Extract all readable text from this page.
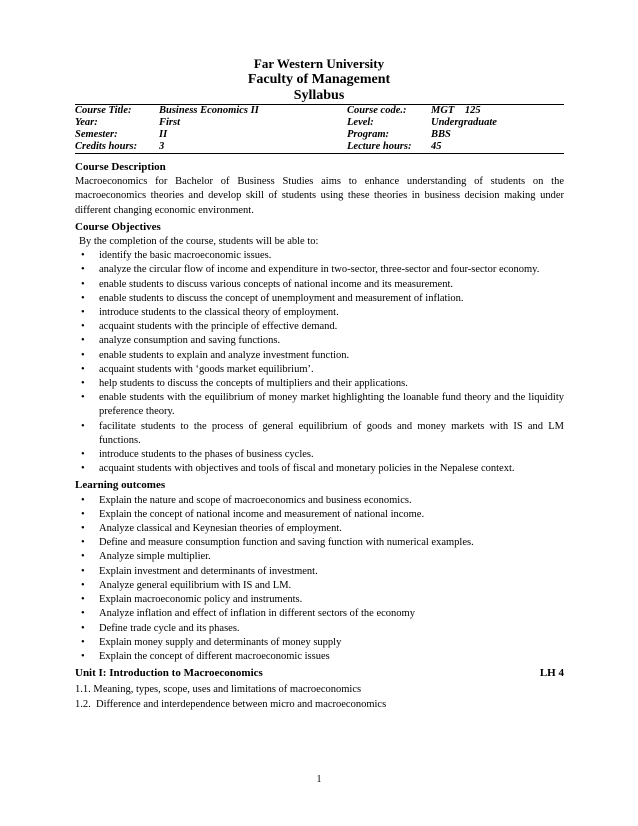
Far Western University

Faculty of Management

Syllabus

Course Title:	Business Economics II	Course code.:	MGT    125
Year:	First	Level:	Undergraduate
Semester:	II	Program:	BBS
Credits hours:	3	Lecture hours:	45
Course Description

Macroeconomics for Bachelor of Business Studies aims to enhance understanding of students on the macroeconomics theories and develop skill of students using these theories in business decision making under different changing economic environment.

Course Objectives

By the completion of the course, students will be able to:

• identify the basic macroeconomic issues.
• analyze the circular flow of income and expenditure in two-sector, three-sector and four-sector economy.
• enable students to discuss various concepts of national income and its measurement.
• enable students to discuss the concept of unemployment and measurement of inflation.
• introduce students to the classical theory of employment.
• acquaint students with the principle of effective demand.
• analyze consumption and saving functions.
• enable students to explain and analyze investment function.
• acquaint students with ‘goods market equilibrium’.
• help students to discuss the concepts of multipliers and their applications.
• enable students with the equilibrium of money market highlighting the loanable fund theory and the liquidity preference theory.
• facilitate students to the process of general equilibrium of goods and money markets with IS and LM functions.
• introduce students to the phases of business cycles.
• acquaint students with objectives and tools of fiscal and monetary policies in the Nepalese context.
Learning outcomes
• Explain the nature and scope of macroeconomics and business economics.
• Explain the concept of national income and measurement of national income.
• Analyze classical and Keynesian theories of employment.
• Define and measure consumption function and saving function with numerical examples.
• Analyze simple multiplier.
• Explain investment and determinants of investment.
• Analyze general equilibrium with IS and LM.
• Explain macroeconomic policy and instruments.
• Analyze inflation and effect of inflation in different sectors of the economy
• Define trade cycle and its phases.
• Explain money supply and determinants of money supply
• Explain the concept of different macroeconomic issues
Unit I: Introduction to Macroeconomics	LH 4

1.1. Meaning, types, scope, uses and limitations of macroeconomics

1.2.  Difference and interdependence between micro and macroeconomics

1
